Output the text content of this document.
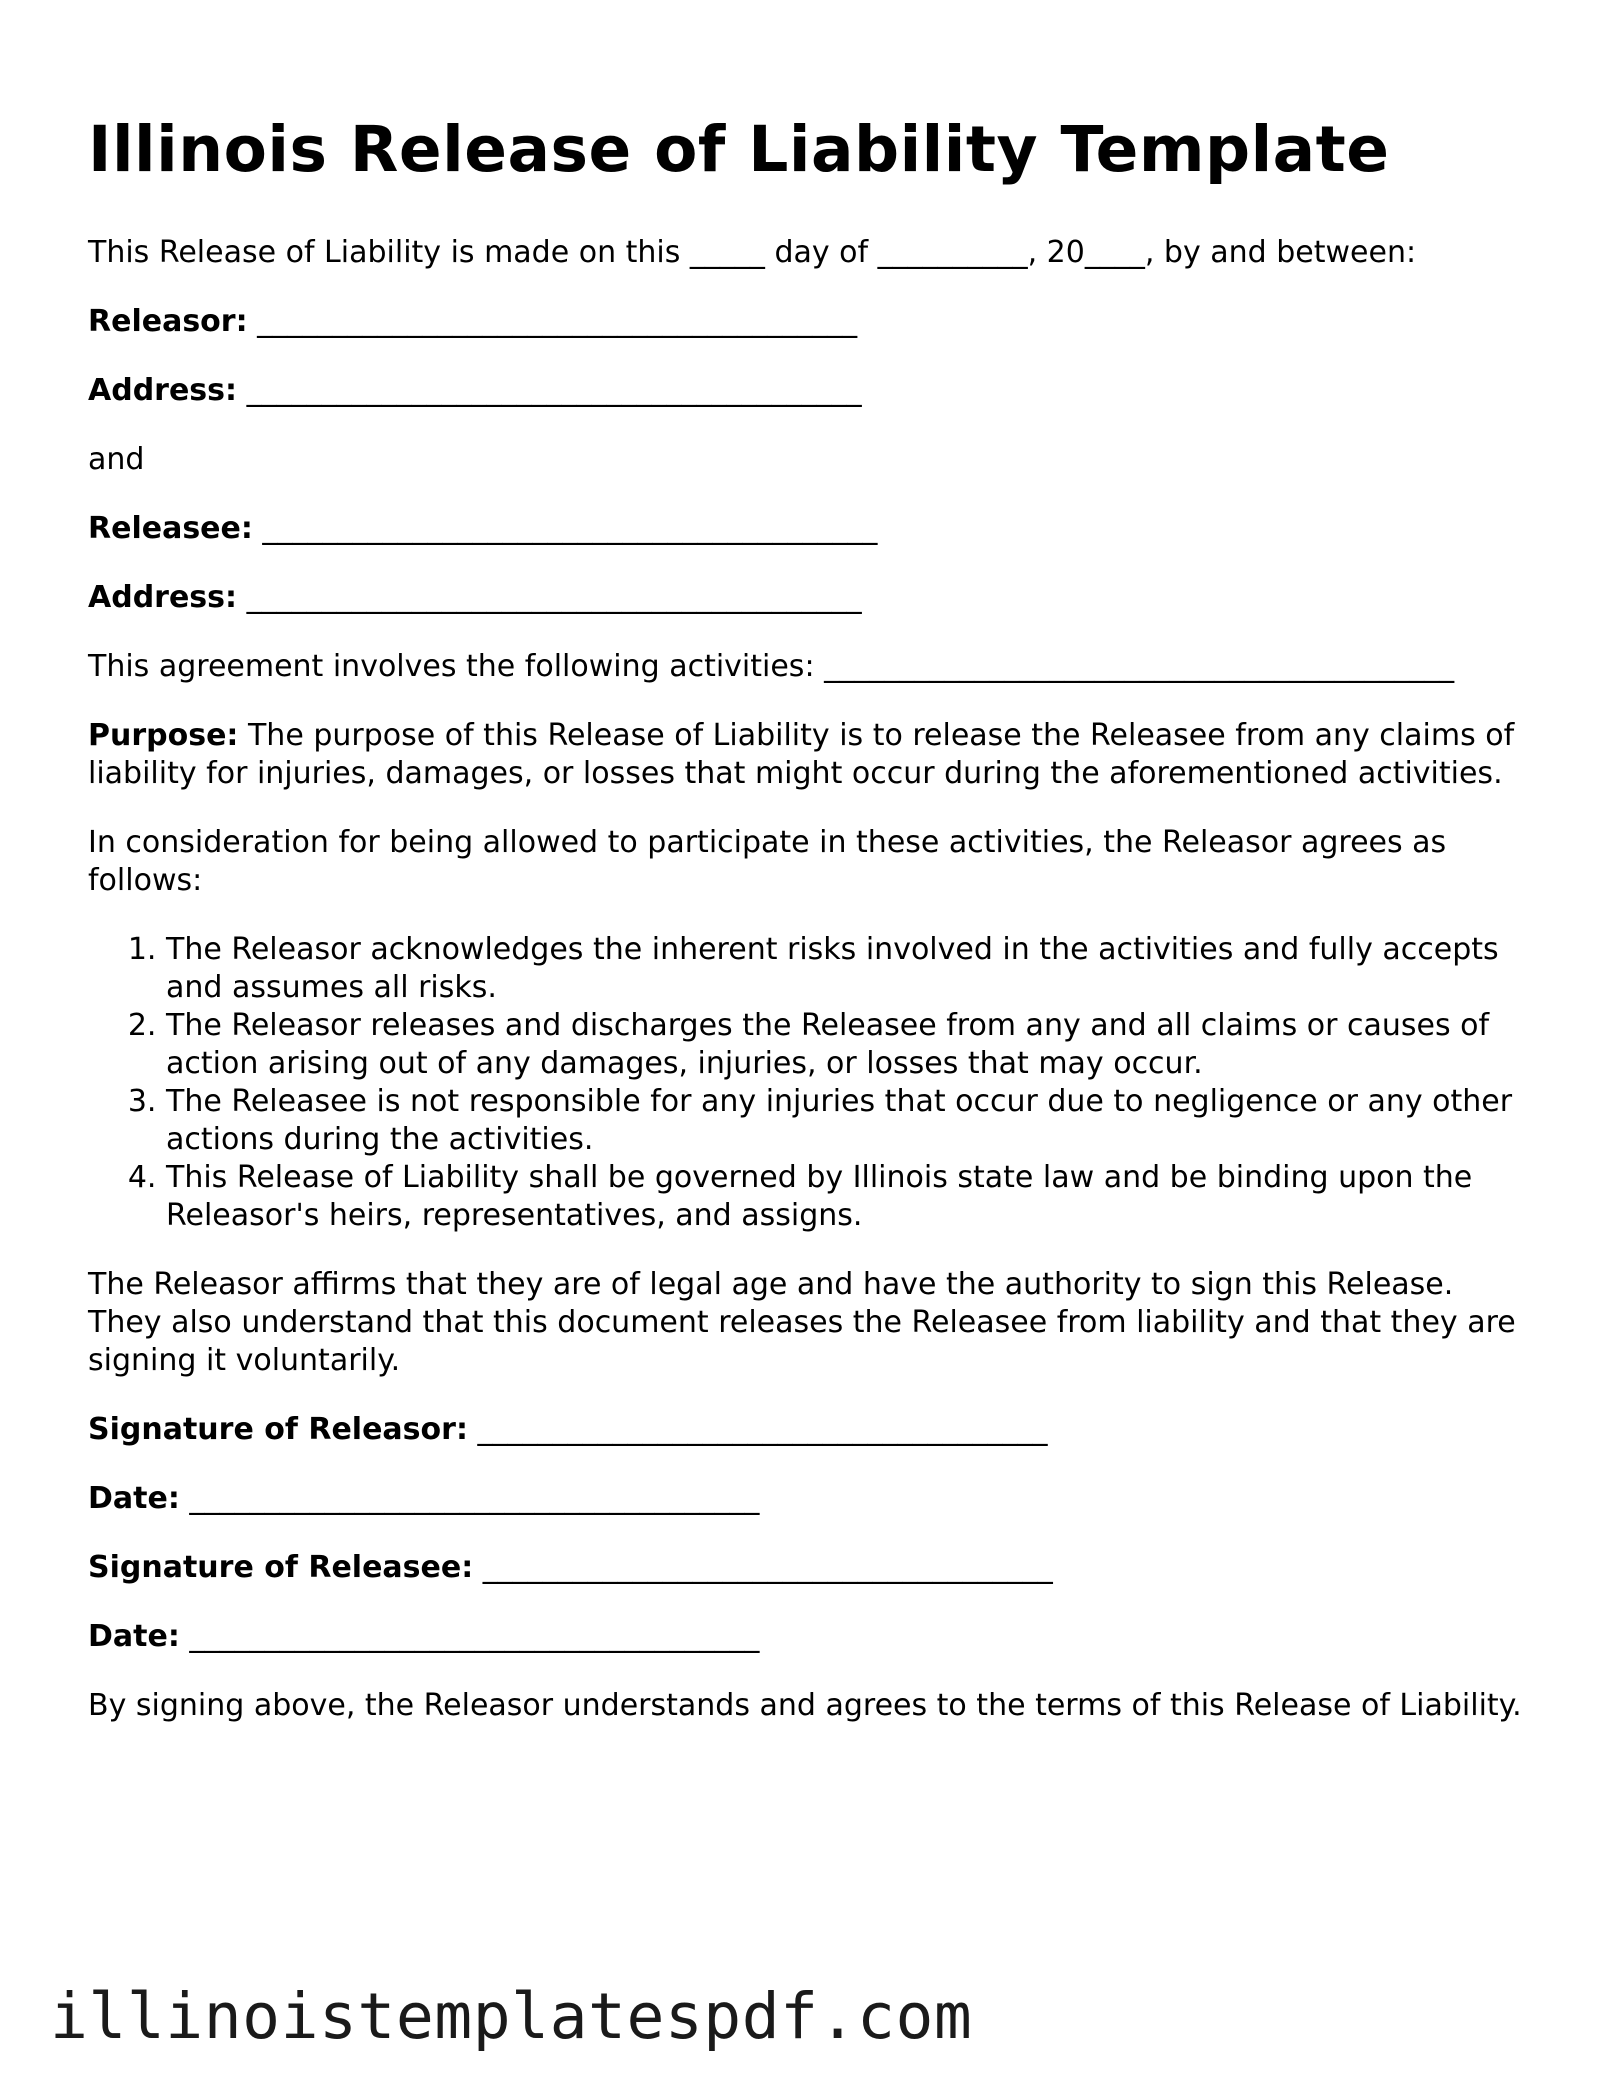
Illinois Release of Liability Template

This Release of Liability is made on this _____ day of __________, 20____, by and between:

Releasor: ________________________________________
Address: _________________________________________

and

Releasee: _________________________________________
Address: _________________________________________

This agreement involves the following activities: __________________________________________

Purpose: The purpose of this Release of Liability is to release the Releasee from any claims of liability for injuries, damages, or losses that might occur during the aforementioned activities.

In consideration for being allowed to participate in these activities, the Releasor agrees as follows:

1. The Releasor acknowledges the inherent risks involved in the activities and fully accepts and assumes all risks.
2. The Releasor releases and discharges the Releasee from any and all claims or causes of action arising out of any damages, injuries, or losses that may occur.
3. The Releasee is not responsible for any injuries that occur due to negligence or any other actions during the activities.
4. This Release of Liability shall be governed by Illinois state law and be binding upon the Releasor's heirs, representatives, and assigns.

The Releasor affirms that they are of legal age and have the authority to sign this Release. They also understand that this document releases the Releasee from liability and that they are signing it voluntarily.

Signature of Releasor: ______________________________________
Date: ______________________________________
Signature of Releasee: ______________________________________
Date: ______________________________________

By signing above, the Releasor understands and agrees to the terms of this Release of Liability.

illinoistemplatespdf.com
